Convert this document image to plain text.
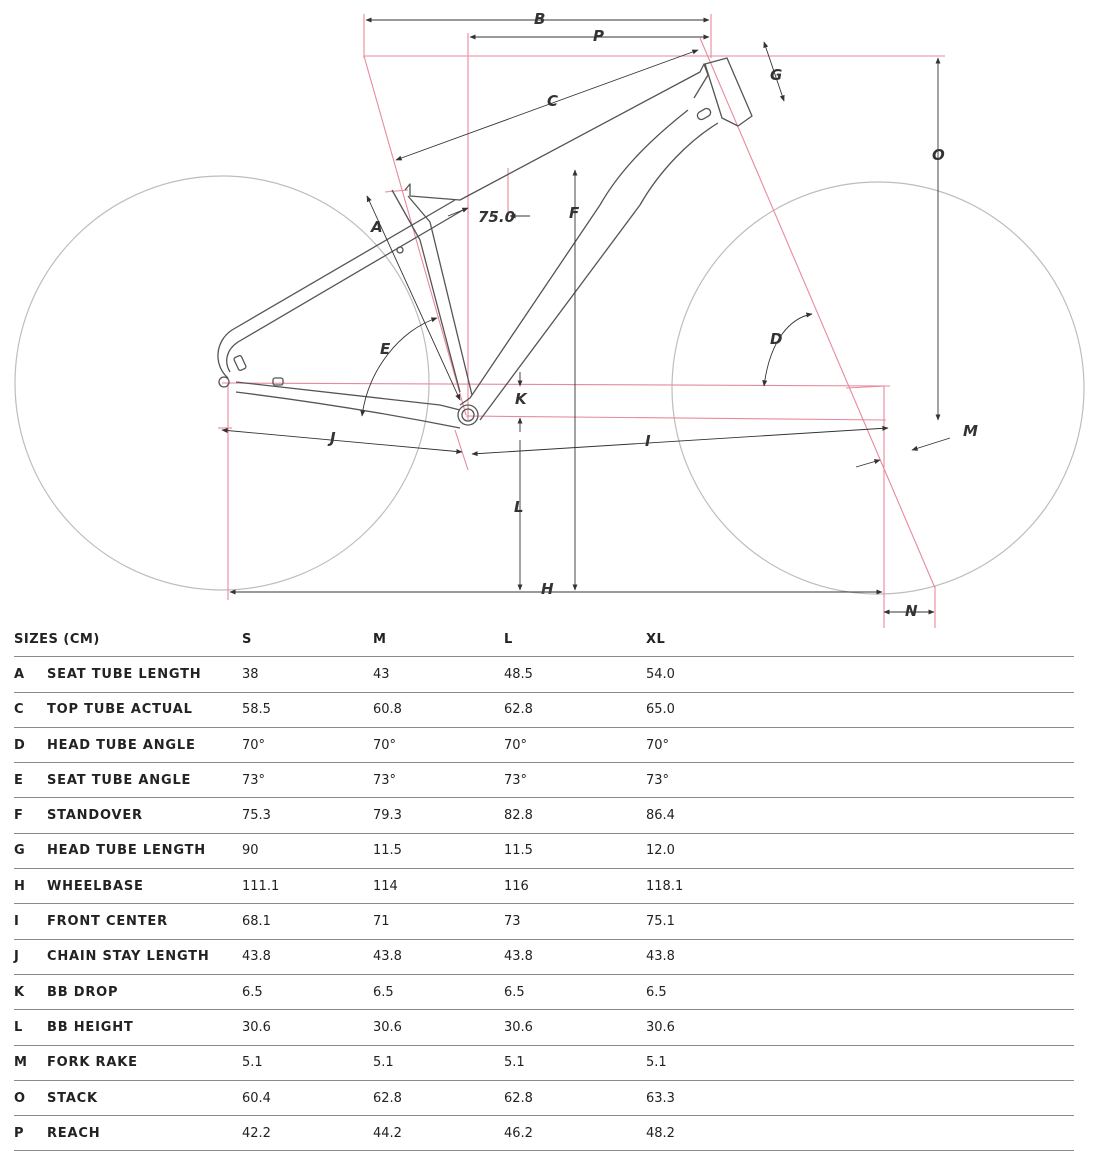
B
P
G
C
O
F
A
75.0
D
E
K
M
J	I
L
H
N
SIZES (CM)		S	M	L	XL
A	SEAT TUBE LENGTH	38	43	48.5	54.0
C	TOP TUBE ACTUAL	58.5	60.8	62.8	65.0
D	HEAD TUBE ANGLE	70°	70°	70°	70°
E	SEAT TUBE ANGLE	73°	73°	73°	73°
F	STANDOVER	75.3	79.3	82.8	86.4
G	HEAD TUBE LENGTH	90	11.5	11.5	12.0
H	WHEELBASE	111.1	114	116	118.1
I	FRONT CENTER	68.1	71	73	75.1
J	CHAIN STAY LENGTH	43.8	43.8	43.8	43.8
K	BB DROP	6.5	6.5	6.5	6.5
L	BB HEIGHT	30.6	30.6	30.6	30.6
M	FORK RAKE	5.1	5.1	5.1	5.1
O	STACK	60.4	62.8	62.8	63.3
P	REACH	42.2	44.2	46.2	48.2
